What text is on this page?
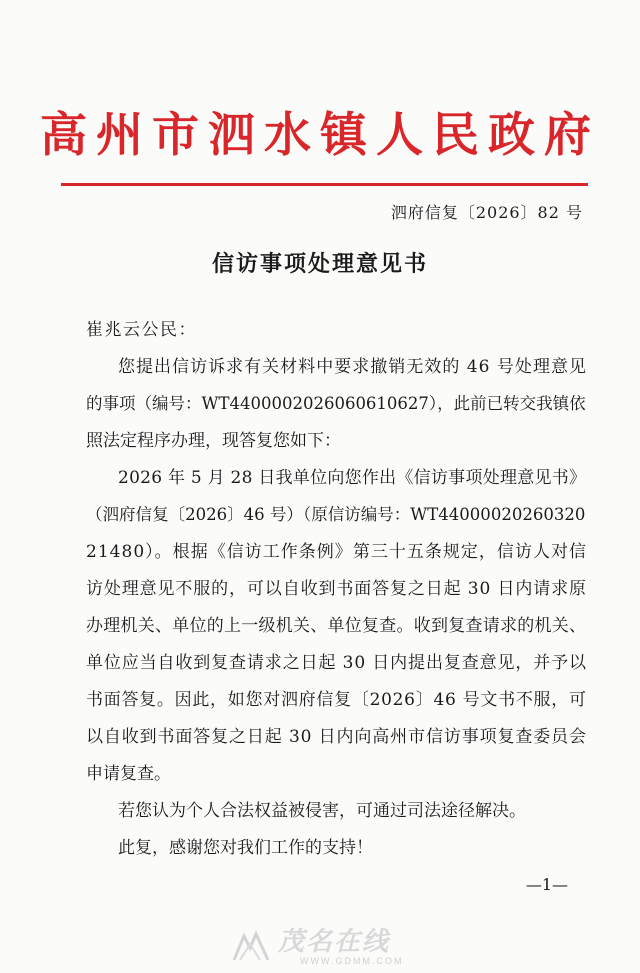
高州市泗水镇人民政府
泗府信复〔2026〕82 号
信访事项处理意见书
崔兆云公民：
您提出信访诉求有关材料中要求撤销无效的 46 号处理意见
的事项（编号：WT4400002026060610627），此前已转交我镇依
照法定程序办理，现答复您如下：
2026 年 5 月 28 日我单位向您作出《信访事项处理意见书》
（泗府信复〔2026〕46 号）（原信访编号：WT44000020260320
21480）。根据《信访工作条例》第三十五条规定，信访人对信
访处理意见不服的，可以自收到书面答复之日起 30 日内请求原
办理机关、单位的上一级机关、单位复查。收到复查请求的机关、
单位应当自收到复查请求之日起 30 日内提出复查意见，并予以
书面答复。因此，如您对泗府信复〔2026〕46 号文书不服，可
以自收到书面答复之日起 30 日内向高州市信访事项复查委员会
申请复查。
若您认为个人合法权益被侵害，可通过司法途径解决。
此复，感谢您对我们工作的支持！
—1—
茂名在线
WWW.GDMM.COM
